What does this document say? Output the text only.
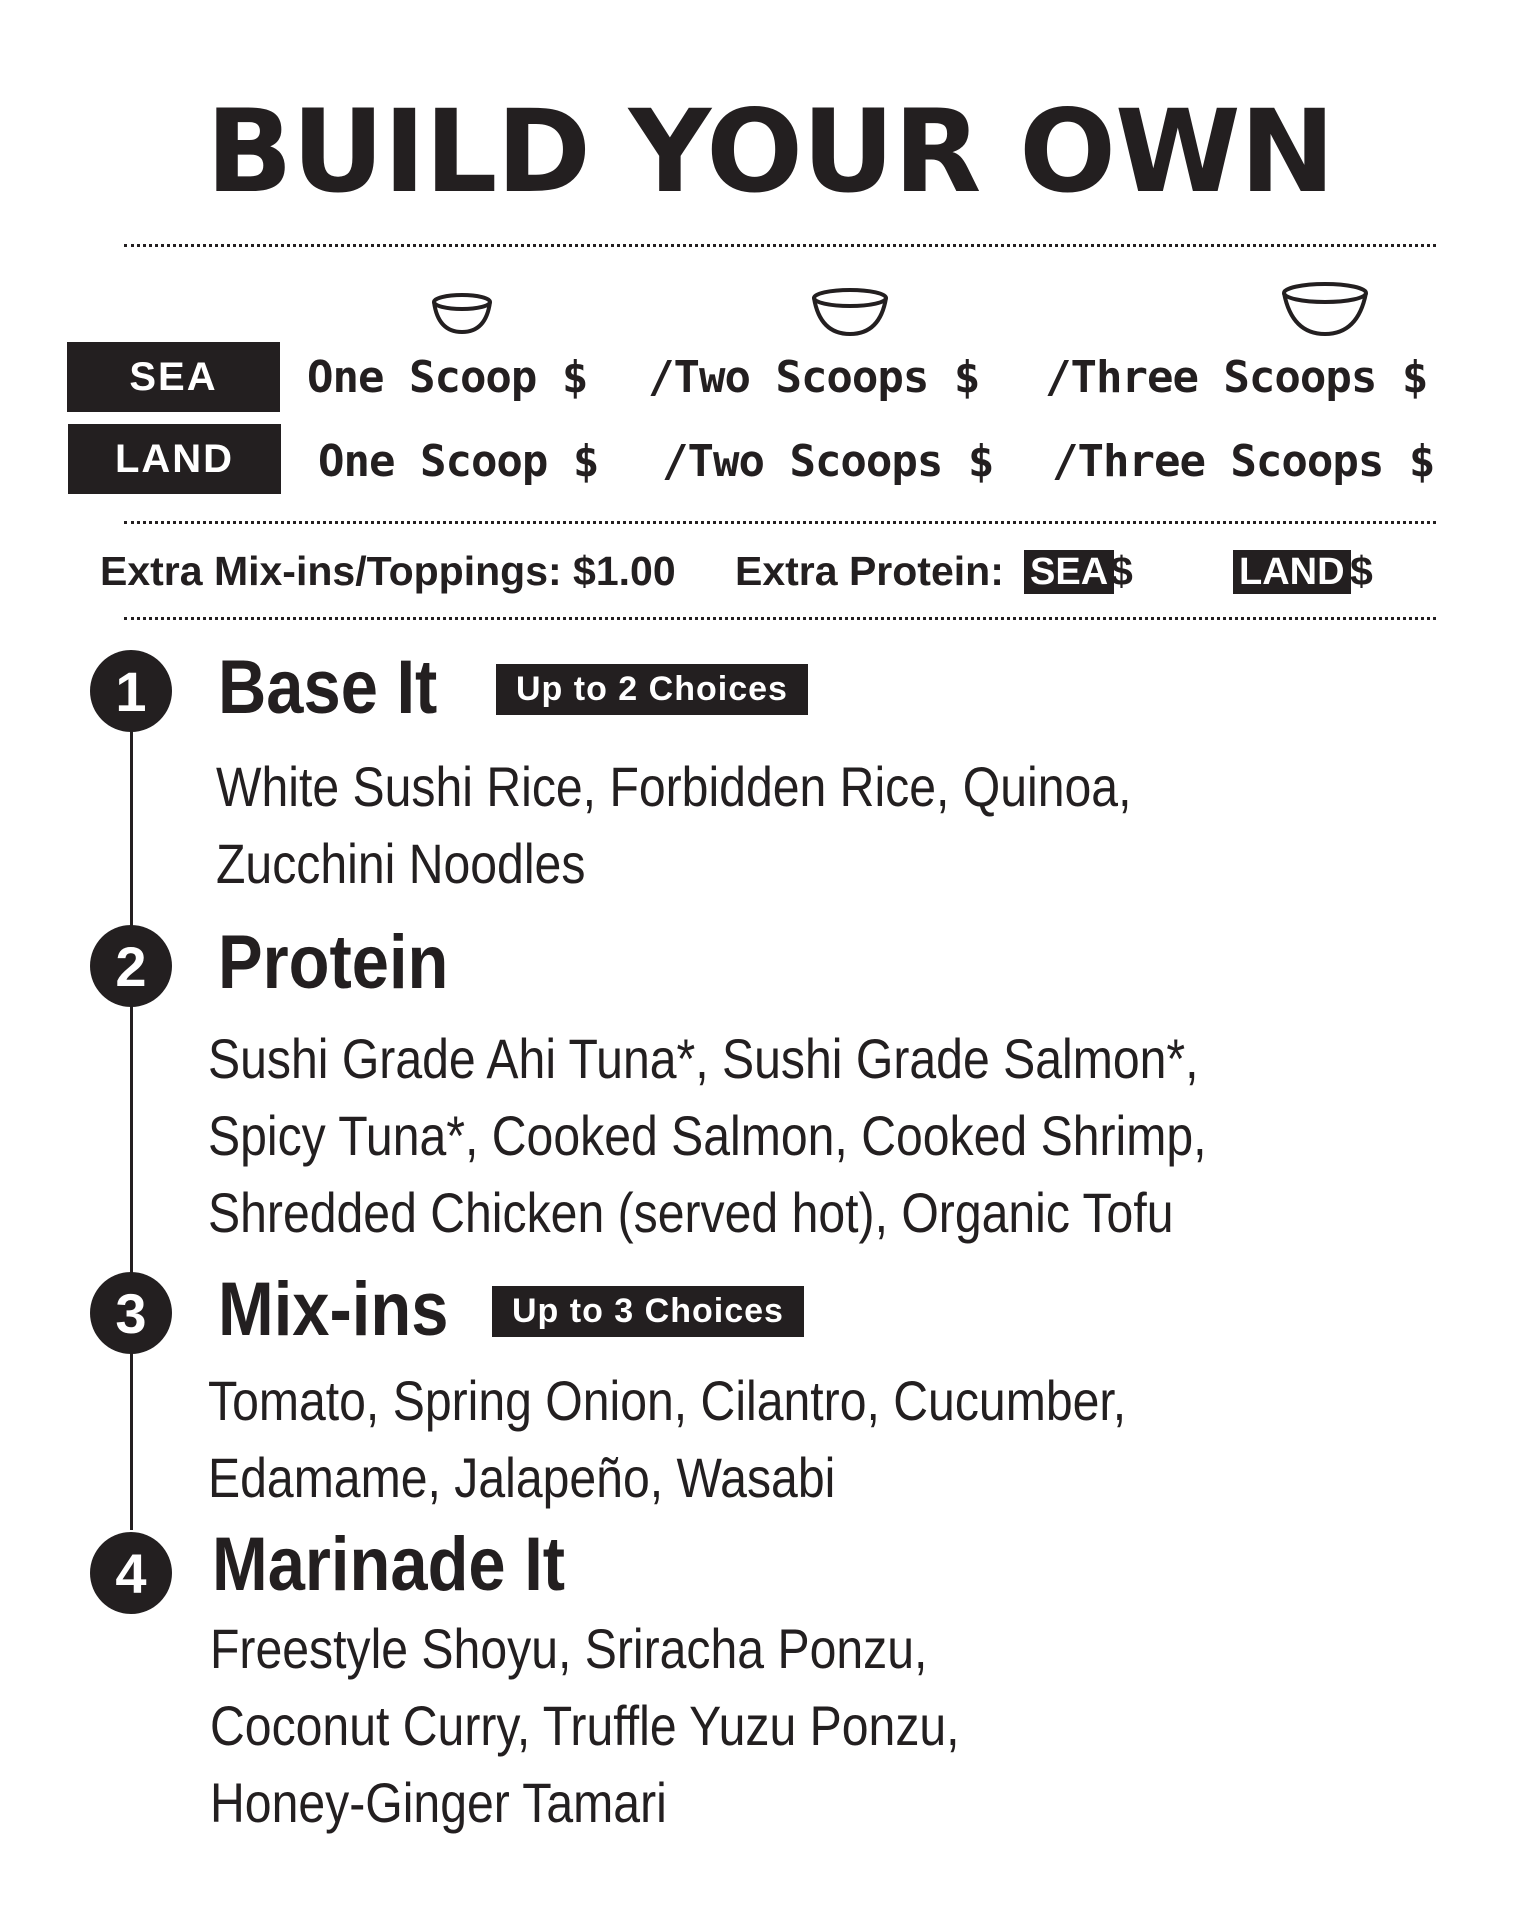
BUILD YOUR OWN
SEA	One Scoop $ /Two Scoops $ /Three Scoops $
LAND	One Scoop $ /Two Scoops $ /Three Scoops $
Extra Mix-ins/Toppings: $1.00 Extra Protein: SEA $	LAND $
1 Base It	Up to 2 Choices
White Sushi Rice, Forbidden Rice, Quinoa,
Zucchini Noodles
2 Protein
Sushi Grade Ahi Tuna*, Sushi Grade Salmon*,
Spicy Tuna*, Cooked Salmon, Cooked Shrimp,
Shredded Chicken (served hot), Organic Tofu
3 Mix-ins	Up to 3 Choices
Tomato, Spring Onion, Cilantro, Cucumber,
Edamame, Jalapeño, Wasabi
4 Marinade It
Freestyle Shoyu, Sriracha Ponzu,
Coconut Curry, Truffle Yuzu Ponzu,
Honey-Ginger Tamari
